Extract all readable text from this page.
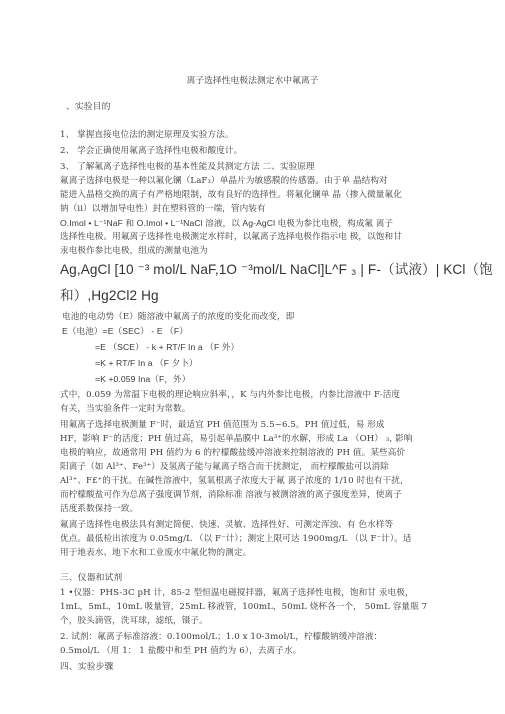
离子选择性电极法测定水中氟离子
、实验目的
1、 掌握直接电位法的测定原理及实验方法。
2、 学会正确使用氟离子选择性电极和酸度计。
3、 了解氟离子选择性电极的基本性能及其测定方法 二、实验原理
氟离子选择电极是一种以氟化镧（LaF₃）单晶片为敏感膜的传感器。由于单 晶结构对
能进入晶格交换的离子有严格地限制，故有良好的选择性。将氟化镧单 晶（掺入微量氟化
钠（ii）以增加导电性）封在塑料管的一端，管内装有
O.Imol • L⁻¹NaF 和 O.Imol • L⁻¹NaCl 溶液，以 Ag-AgCl 电极为参比电极，构成氟 离子
选择性电极。用氟离子选择性电极测定水样时，以氟离子选择电极作指示电 极，以饱和甘
汞电极作参比电极，组成的测量电池为
Ag,AgCl [10 ⁻³ mol/L NaF,1O ⁻³mol/L NaCl]L^F ₃ | F-（试液）| KCl（饱
和）,Hg2Cl2 Hg
电池的电动势（E）随溶液中氟离子的浓度的变化而改变，即
E（电池）=E（SEC） - E （F）
=E （SCE） - k + RT/F In a （F 外）
=K + RT/F In a （F 夕卜）
=K +0.059 Ina（F，外）
式中，0.059 为常温下电极的理论响应斜率，，K 与内外参比电极，内参比溶液中 F-活度
有关，当实验条件一定时为常数。
用氟离子选择电极测量 F⁻时，最适宜 PH 值范围为 5.5~6.5。PH 值过低，易 形成
HF，影响 F⁻的活度；PH 值过高，易引起单晶膜中 La³⁺的水解，形成 La （OH） ₃, 影响
电极的响应，故通常用 PH 值约为 6 的柠檬酸盐缓冲溶液来控制溶液的 PH 值。某些高价
阳离子（如 Al³⁺、Fe³⁺）及氢离子能与氟离子络合而干扰测定， 而柠檬酸盐可以消除
Al³⁺、F£⁺的干扰。在碱性溶液中，氢氧根离子浓度大于氟 离子浓度的 1/10 时也有干扰，
而柠檬酸盐可作为总离子强度调节剂，消除标准 溶液与被测溶液的离子强度差异，使离子
活度系数保持一致。
氟离子选择性电极法具有测定简便、快速、灵敏、选择性好、可测定浑浊、有 色水样等
优点。最低检出浓度为 0.05mg/L （以 F⁻计）；测定上限可达 1900mg/L （以 F⁻计）。适
用于地表水、地下水和工业废水中氟化物的测定。
三、仪器和试剂
1 •仪器：PHS-3C pH 计，85-2 型恒温电磁搅拌器，氟离子选择性电极，饱和甘 汞电极，
1mL，5mL，10mL 吸量管，25mL 移液管，100mL，50mL 烧杯各一个， 50mL 容量瓶 7
个，胶头滴管，洗耳球，滤纸，镊子。
2. 试剂：氟离子标准溶液：0.100mol/L；1.0 x 10-3mol/L，柠檬酸钠缓冲溶液：
0.5mol/L （用 1： 1 盐酸中和至 PH 值约为 6），去离子水。
四、实验步骤
